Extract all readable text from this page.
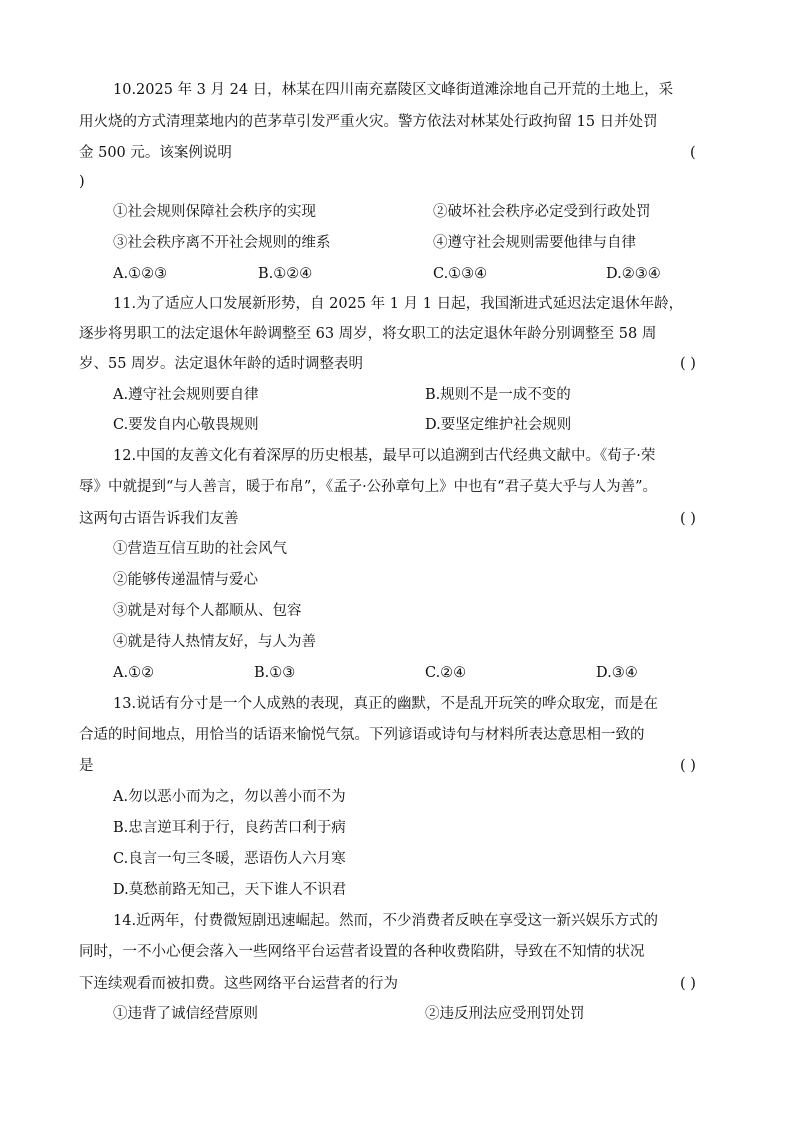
10.2025 年 3 月 24 日，林某在四川南充嘉陵区文峰街道滩涂地自己开荒的土地上，采
用火烧的方式清理菜地内的芭茅草引发严重火灾。警方依法对林某处行政拘留 15 日并处罚
金 500 元。该案例说明	(
)
①社会规则保障社会秩序的实现	②破坏社会秩序必定受到行政处罚
③社会秩序离不开社会规则的维系	④遵守社会规则需要他律与自律
A.①②③	B.①②④	C.①③④	D.②③④
11.为了适应人口发展新形势，自 2025 年 1 月 1 日起，我国渐进式延迟法定退休年龄，
逐步将男职工的法定退休年龄调整至 63 周岁，将女职工的法定退休年龄分别调整至 58 周
岁、55 周岁。法定退休年龄的适时调整表明	( )
A.遵守社会规则要自律	B.规则不是一成不变的
C.要发自内心敬畏规则	D.要坚定维护社会规则
12.中国的友善文化有着深厚的历史根基，最早可以追溯到古代经典文献中。《荀子·荣
辱》中就提到“与人善言，暖于布帛”，《孟子·公孙章句上》中也有“君子莫大乎与人为善”。
这两句古语告诉我们友善	( )
①营造互信互助的社会风气
②能够传递温情与爱心
③就是对每个人都顺从、包容
④就是待人热情友好，与人为善
A.①②	B.①③	C.②④	D.③④
13.说话有分寸是一个人成熟的表现，真正的幽默，不是乱开玩笑的哗众取宠，而是在
合适的时间地点，用恰当的话语来愉悦气氛。下列谚语或诗句与材料所表达意思相一致的
是	( )
A.勿以恶小而为之，勿以善小而不为
B.忠言逆耳利于行，良药苦口利于病
C.良言一句三冬暖，恶语伤人六月寒
D.莫愁前路无知己，天下谁人不识君
14.近两年，付费微短剧迅速崛起。然而，不少消费者反映在享受这一新兴娱乐方式的
同时，一不小心便会落入一些网络平台运营者设置的各种收费陷阱，导致在不知情的状况
下连续观看而被扣费。这些网络平台运营者的行为	( )
①违背了诚信经营原则	②违反刑法应受刑罚处罚
